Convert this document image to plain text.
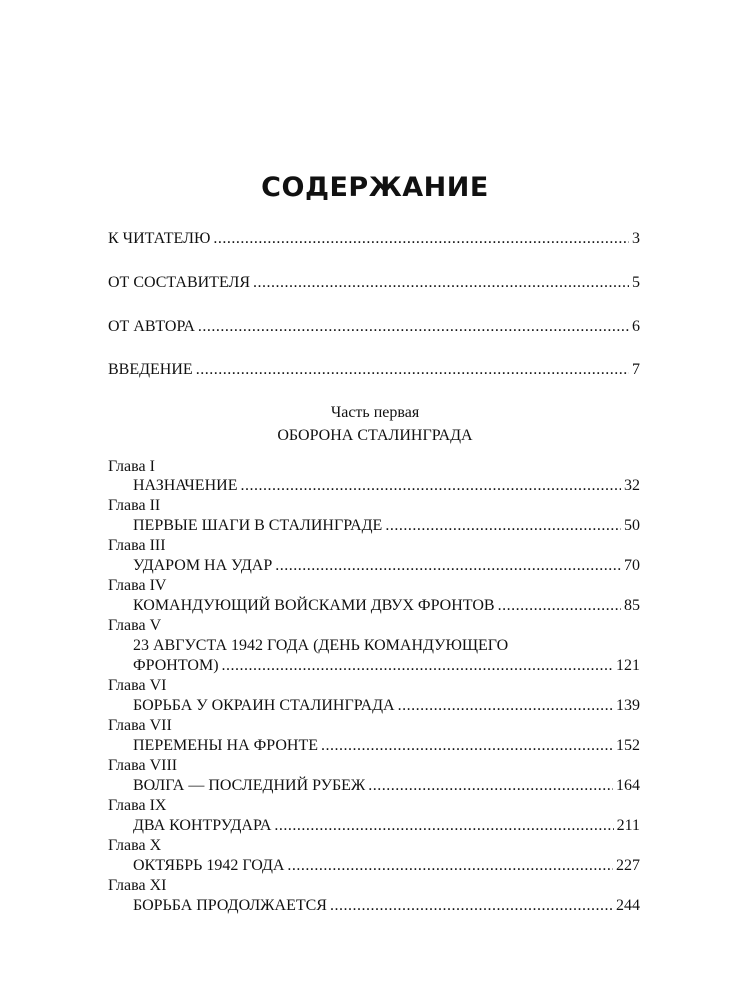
СОДЕРЖАНИЕ
К ЧИТАТЕЛЮ .....	3
ОТ СОСТАВИТЕЛЯ .....	5
ОТ АВТОРА .....	6
ВВЕДЕНИЕ .....	7
Часть первая
ОБОРОНА СТАЛИНГРАДА
Глава I
НАЗНАЧЕНИЕ .....	32
Глава II
ПЕРВЫЕ ШАГИ В СТАЛИНГРАДЕ .....	50
Глава III
УДАРОМ НА УДАР .....	70
Глава IV
КОМАНДУЮЩИЙ ВОЙСКАМИ ДВУХ ФРОНТОВ .....	85
Глава V
23 АВГУСТА 1942 ГОДА (ДЕНЬ КОМАНДУЮЩЕГО
ФРОНТОМ) .....	121
Глава VI
БОРЬБА У ОКРАИН СТАЛИНГРАДА .....	139
Глава VII
ПЕРЕМЕНЫ НА ФРОНТЕ .....	152
Глава VIII
ВОЛГА — ПОСЛЕДНИЙ РУБЕЖ .....	164
Глава IX
ДВА КОНТРУДАРА .....	211
Глава X
ОКТЯБРЬ 1942 ГОДА .....	227
Глава XI
БОРЬБА ПРОДОЛЖАЕТСЯ .....	244
